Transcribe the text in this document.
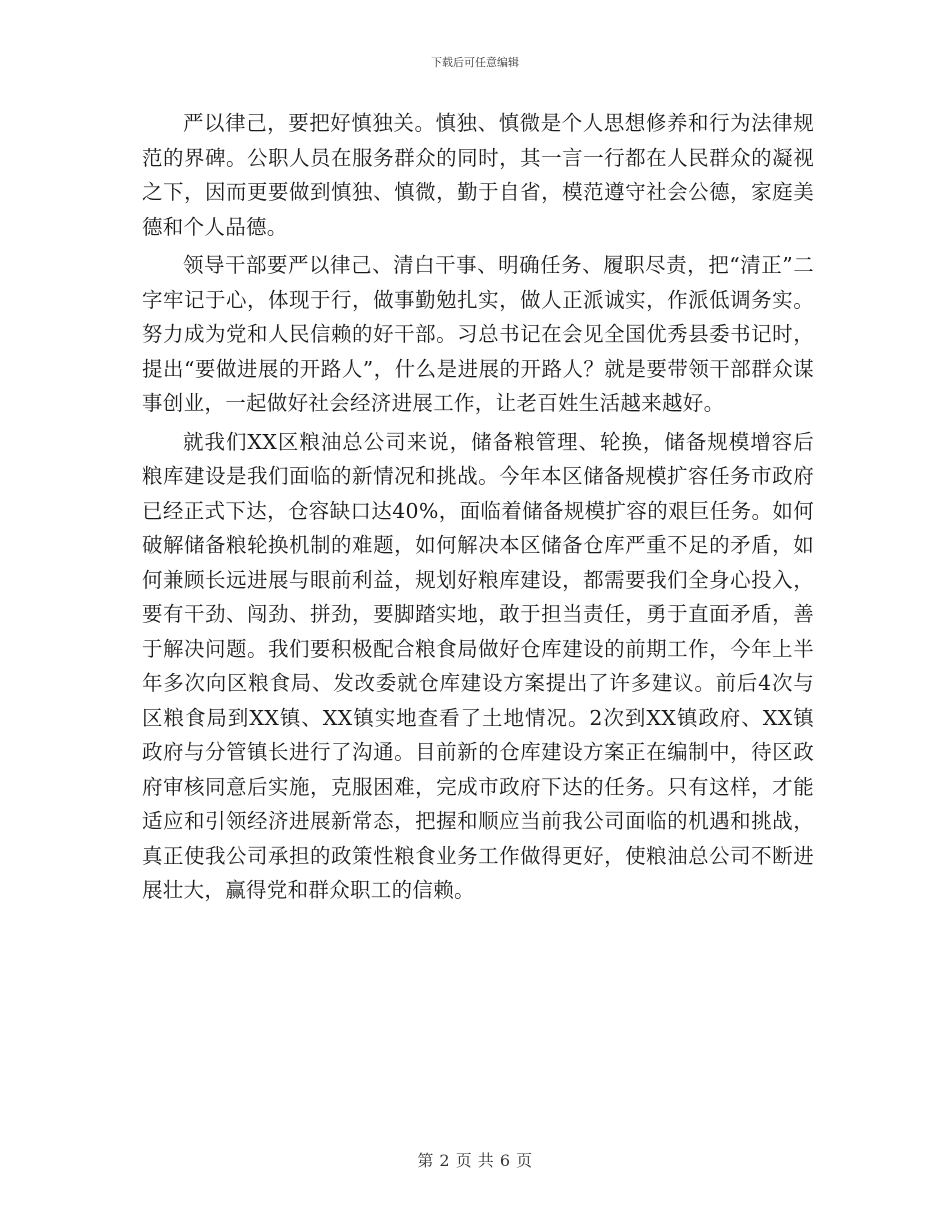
下载后可任意编辑

严以律己，要把好慎独关。慎独、慎微是个人思想修养和行为法律规范的界碑。公职人员在服务群众的同时，其一言一行都在人民群众的凝视之下，因而更要做到慎独、慎微，勤于自省，模范遵守社会公德，家庭美德和个人品德。

领导干部要严以律己、清白干事、明确任务、履职尽责，把“清正”二字牢记于心，体现于行，做事勤勉扎实，做人正派诚实，作派低调务实。努力成为党和人民信赖的好干部。习总书记在会见全国优秀县委书记时，提出“要做进展的开路人”，什么是进展的开路人？就是要带领干部群众谋事创业，一起做好社会经济进展工作，让老百姓生活越来越好。

就我们XX区粮油总公司来说，储备粮管理、轮换，储备规模增容后粮库建设是我们面临的新情况和挑战。今年本区储备规模扩容任务市政府已经正式下达，仓容缺口达40%，面临着储备规模扩容的艰巨任务。如何破解储备粮轮换机制的难题，如何解决本区储备仓库严重不足的矛盾，如何兼顾长远进展与眼前利益，规划好粮库建设，都需要我们全身心投入，要有干劲、闯劲、拼劲，要脚踏实地，敢于担当责任，勇于直面矛盾，善于解决问题。我们要积极配合粮食局做好仓库建设的前期工作，今年上半年多次向区粮食局、发改委就仓库建设方案提出了许多建议。前后4次与区粮食局到XX镇、XX镇实地查看了土地情况。2次到XX镇政府、XX镇政府与分管镇长进行了沟通。目前新的仓库建设方案正在编制中，待区政府审核同意后实施，克服困难，完成市政府下达的任务。只有这样，才能适应和引领经济进展新常态，把握和顺应当前我公司面临的机遇和挑战，真正使我公司承担的政策性粮食业务工作做得更好，使粮油总公司不断进展壮大，赢得党和群众职工的信赖。

第 2 页 共 6 页
